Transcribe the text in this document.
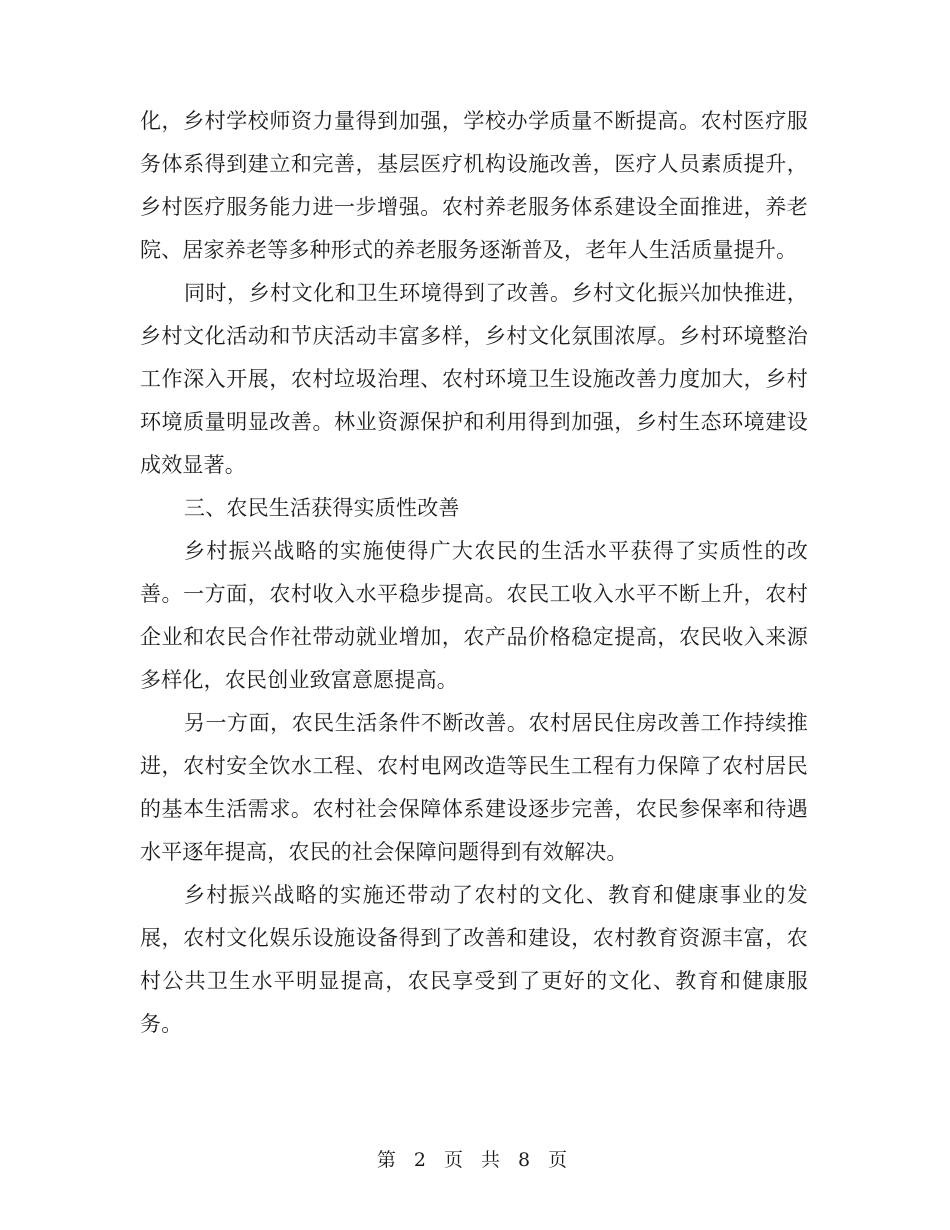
化，乡村学校师资力量得到加强，学校办学质量不断提高。农村医疗服务体系得到建立和完善，基层医疗机构设施改善，医疗人员素质提升，乡村医疗服务能力进一步增强。农村养老服务体系建设全面推进，养老院、居家养老等多种形式的养老服务逐渐普及，老年人生活质量提升。

同时，乡村文化和卫生环境得到了改善。乡村文化振兴加快推进，乡村文化活动和节庆活动丰富多样，乡村文化氛围浓厚。乡村环境整治工作深入开展，农村垃圾治理、农村环境卫生设施改善力度加大，乡村环境质量明显改善。林业资源保护和利用得到加强，乡村生态环境建设成效显著。

三、农民生活获得实质性改善

乡村振兴战略的实施使得广大农民的生活水平获得了实质性的改善。一方面，农村收入水平稳步提高。农民工收入水平不断上升，农村企业和农民合作社带动就业增加，农产品价格稳定提高，农民收入来源多样化，农民创业致富意愿提高。

另一方面，农民生活条件不断改善。农村居民住房改善工作持续推进，农村安全饮水工程、农村电网改造等民生工程有力保障了农村居民的基本生活需求。农村社会保障体系建设逐步完善，农民参保率和待遇水平逐年提高，农民的社会保障问题得到有效解决。

乡村振兴战略的实施还带动了农村的文化、教育和健康事业的发展，农村文化娱乐设施设备得到了改善和建设，农村教育资源丰富，农村公共卫生水平明显提高，农民享受到了更好的文化、教育和健康服务。

第 2 页 共 8 页
